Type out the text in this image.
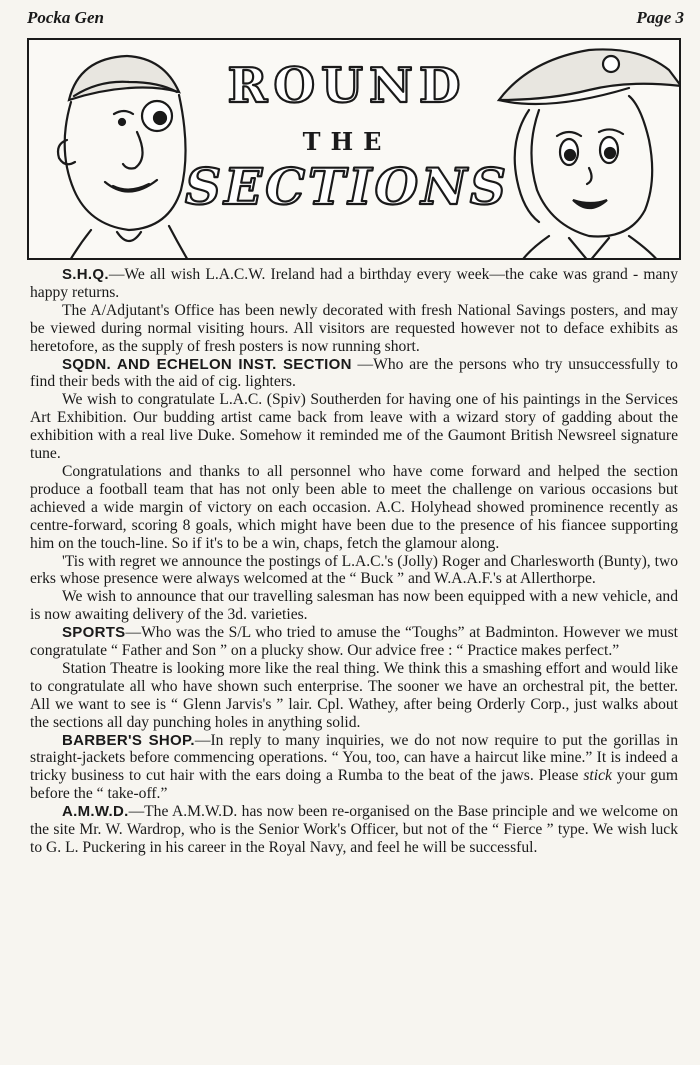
Pocka Gen	Page 3
ROUND
THE
SECTIONS

S.H.Q.—We all wish L.A.C.W. Ireland had a birthday every week—the cake was grand - many happy returns.

The A/Adjutant's Office has been newly decorated with fresh National Savings posters, and may be viewed during normal visiting hours. All visitors are requested however not to deface exhibits as heretofore, as the supply of fresh posters is now running short.

SQDN. AND ECHELON INST. SECTION —Who are the persons who try unsuccessfully to find their beds with the aid of cig. lighters.

We wish to congratulate L.A.C. (Spiv) Southerden for having one of his paintings in the Services Art Exhibition. Our budding artist came back from leave with a wizard story of gadding about the exhibition with a real live Duke. Somehow it reminded me of the Gaumont British Newsreel signature tune.

Congratulations and thanks to all personnel who have come forward and helped the section produce a football team that has not only been able to meet the challenge on various occasions but achieved a wide margin of victory on each occasion. A.C. Holyhead showed prominence recently as centre-forward, scoring 8 goals, which might have been due to the presence of his fiancee supporting him on the touch-line. So if it's to be a win, chaps, fetch the glamour along.

'Tis with regret we announce the postings of L.A.C.'s (Jolly) Roger and Charlesworth (Bunty), two erks whose presence were always welcomed at the “ Buck ” and W.A.A.F.'s at Allerthorpe.

We wish to announce that our travelling salesman has now been equipped with a new vehicle, and is now awaiting delivery of the 3d. varieties.

SPORTS—Who was the S/L who tried to amuse the “Toughs” at Badminton. However we must congratulate “ Father and Son ” on a plucky show. Our advice free : “ Practice makes perfect.”

Station Theatre is looking more like the real thing. We think this a smashing effort and would like to congratulate all who have shown such enterprise. The sooner we have an orchestral pit, the better. All we want to see is “ Glenn Jarvis's ” lair. Cpl. Wathey, after being Orderly Corp., just walks about the sections all day punching holes in anything solid.

BARBER'S SHOP.—In reply to many inquiries, we do not now require to put the gorillas in straight-jackets before commencing operations. “ You, too, can have a haircut like mine.” It is indeed a tricky business to cut hair with the ears doing a Rumba to the beat of the jaws. Please stick your gum before the “ take-off.”

A.M.W.D.—The A.M.W.D. has now been re-organised on the Base principle and we welcome on the site Mr. W. Wardrop, who is the Senior Work's Officer, but not of the “ Fierce ” type. We wish luck to G. L. Puckering in his career in the Royal Navy, and feel he will be successful.
